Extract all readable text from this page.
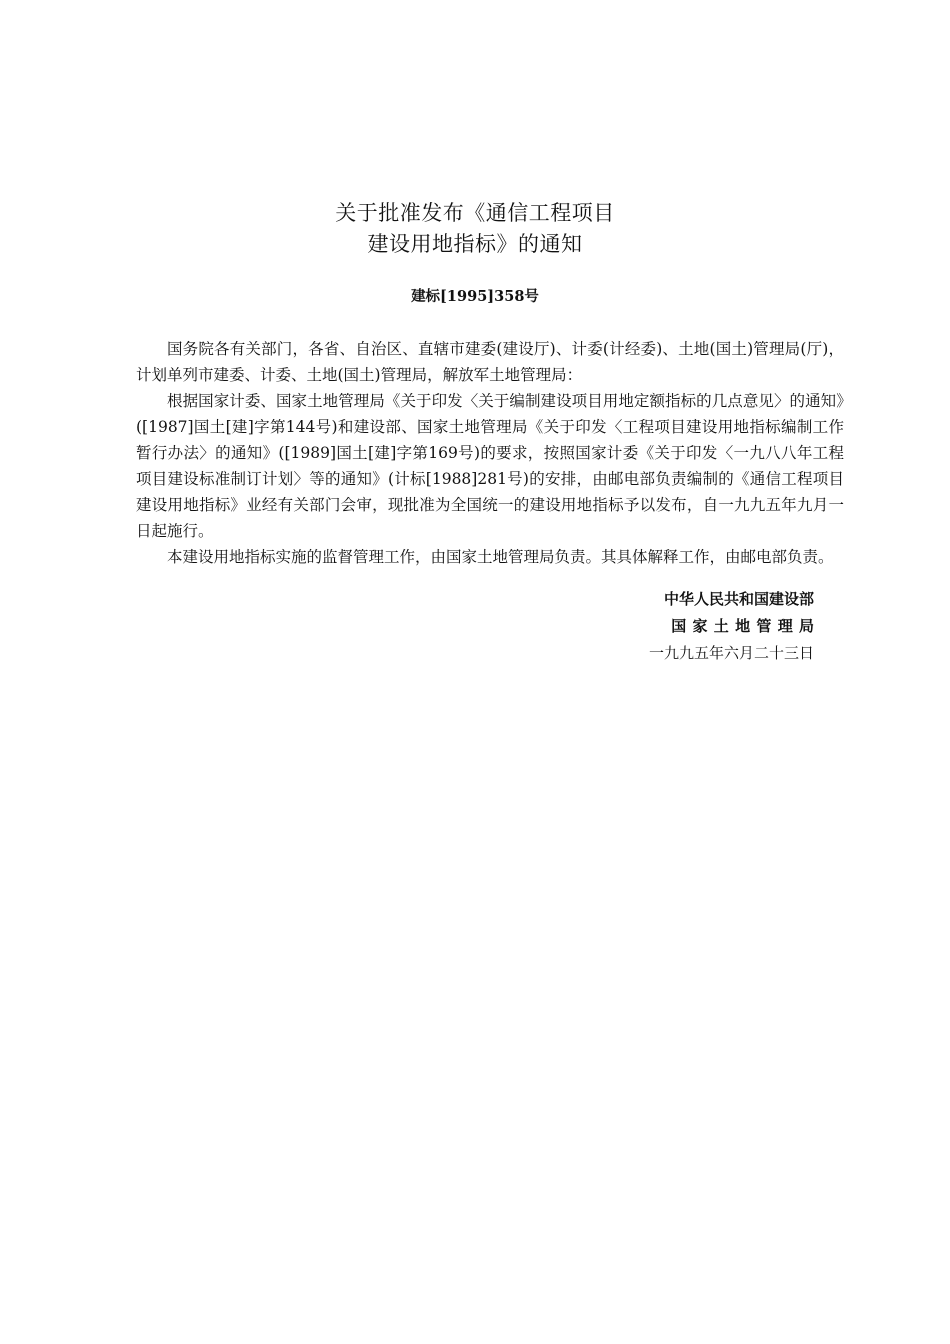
关于批准发布《通信工程项目
建设用地指标》的通知
建标[1995]358号

国务院各有关部门，各省、自治区、直辖市建委(建设厅)、计委(计经委)、土地(国土)管理局(厅)，计划单列市建委、计委、土地(国土)管理局，解放军土地管理局：

根据国家计委、国家土地管理局《关于印发〈关于编制建设项目用地定额指标的几点意见〉的通知》([1987]国土[建]字第144号)和建设部、国家土地管理局《关于印发〈工程项目建设用地指标编制工作暂行办法〉的通知》([1989]国土[建]字第169号)的要求，按照国家计委《关于印发〈一九八八年工程项目建设标准制订计划〉等的通知》(计标[1988]281号)的安排，由邮电部负责编制的《通信工程项目建设用地指标》业经有关部门会审，现批准为全国统一的建设用地指标予以发布，自一九九五年九月一日起施行。

本建设用地指标实施的监督管理工作，由国家土地管理局负责。其具体解释工作，由邮电部负责。

中华人民共和国建设部
国家土地管理局
一九九五年六月二十三日
